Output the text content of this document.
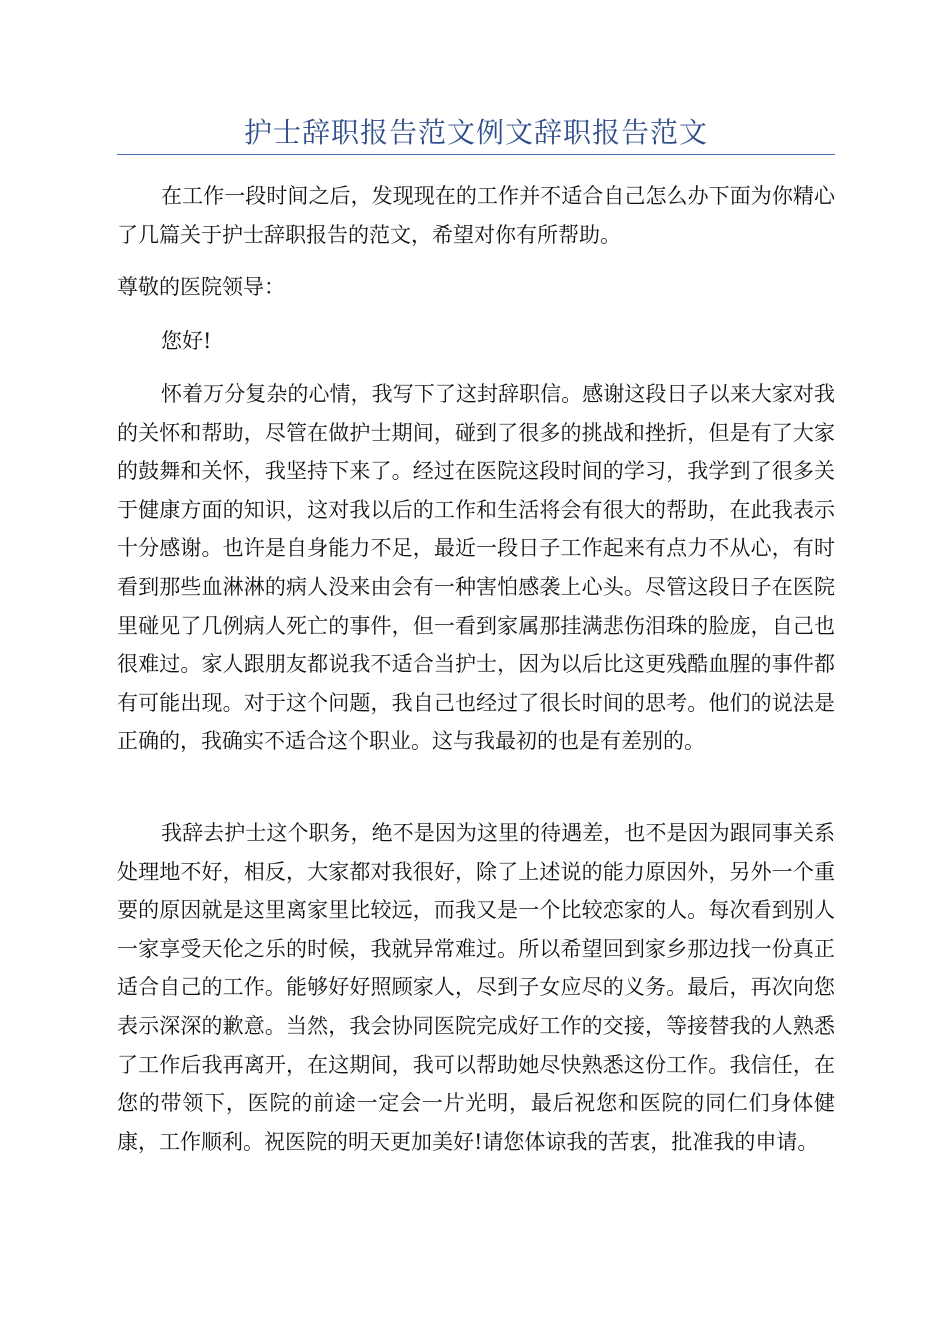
护士辞职报告范文例文辞职报告范文

在工作一段时间之后，发现现在的工作并不适合自己怎么办下面为你精心了几篇关于护士辞职报告的范文，希望对你有所帮助。

尊敬的医院领导：

您好!

怀着万分复杂的心情，我写下了这封辞职信。感谢这段日子以来大家对我的关怀和帮助，尽管在做护士期间，碰到了很多的挑战和挫折，但是有了大家的鼓舞和关怀，我坚持下来了。经过在医院这段时间的学习，我学到了很多关于健康方面的知识，这对我以后的工作和生活将会有很大的帮助，在此我表示十分感谢。也许是自身能力不足，最近一段日子工作起来有点力不从心，有时看到那些血淋淋的病人没来由会有一种害怕感袭上心头。尽管这段日子在医院里碰见了几例病人死亡的事件，但一看到家属那挂满悲伤泪珠的脸庞，自己也很难过。家人跟朋友都说我不适合当护士，因为以后比这更残酷血腥的事件都有可能出现。对于这个问题，我自己也经过了很长时间的思考。他们的说法是正确的，我确实不适合这个职业。这与我最初的也是有差别的。

我辞去护士这个职务，绝不是因为这里的待遇差，也不是因为跟同事关系处理地不好，相反，大家都对我很好，除了上述说的能力原因外，另外一个重要的原因就是这里离家里比较远，而我又是一个比较恋家的人。每次看到别人一家享受天伦之乐的时候，我就异常难过。所以希望回到家乡那边找一份真正适合自己的工作。能够好好照顾家人，尽到子女应尽的义务。最后，再次向您表示深深的歉意。当然，我会协同医院完成好工作的交接，等接替我的人熟悉了工作后我再离开，在这期间，我可以帮助她尽快熟悉这份工作。我信任，在您的带领下，医院的前途一定会一片光明，最后祝您和医院的同仁们身体健康，工作顺利。祝医院的明天更加美好!请您体谅我的苦衷，批准我的申请。
